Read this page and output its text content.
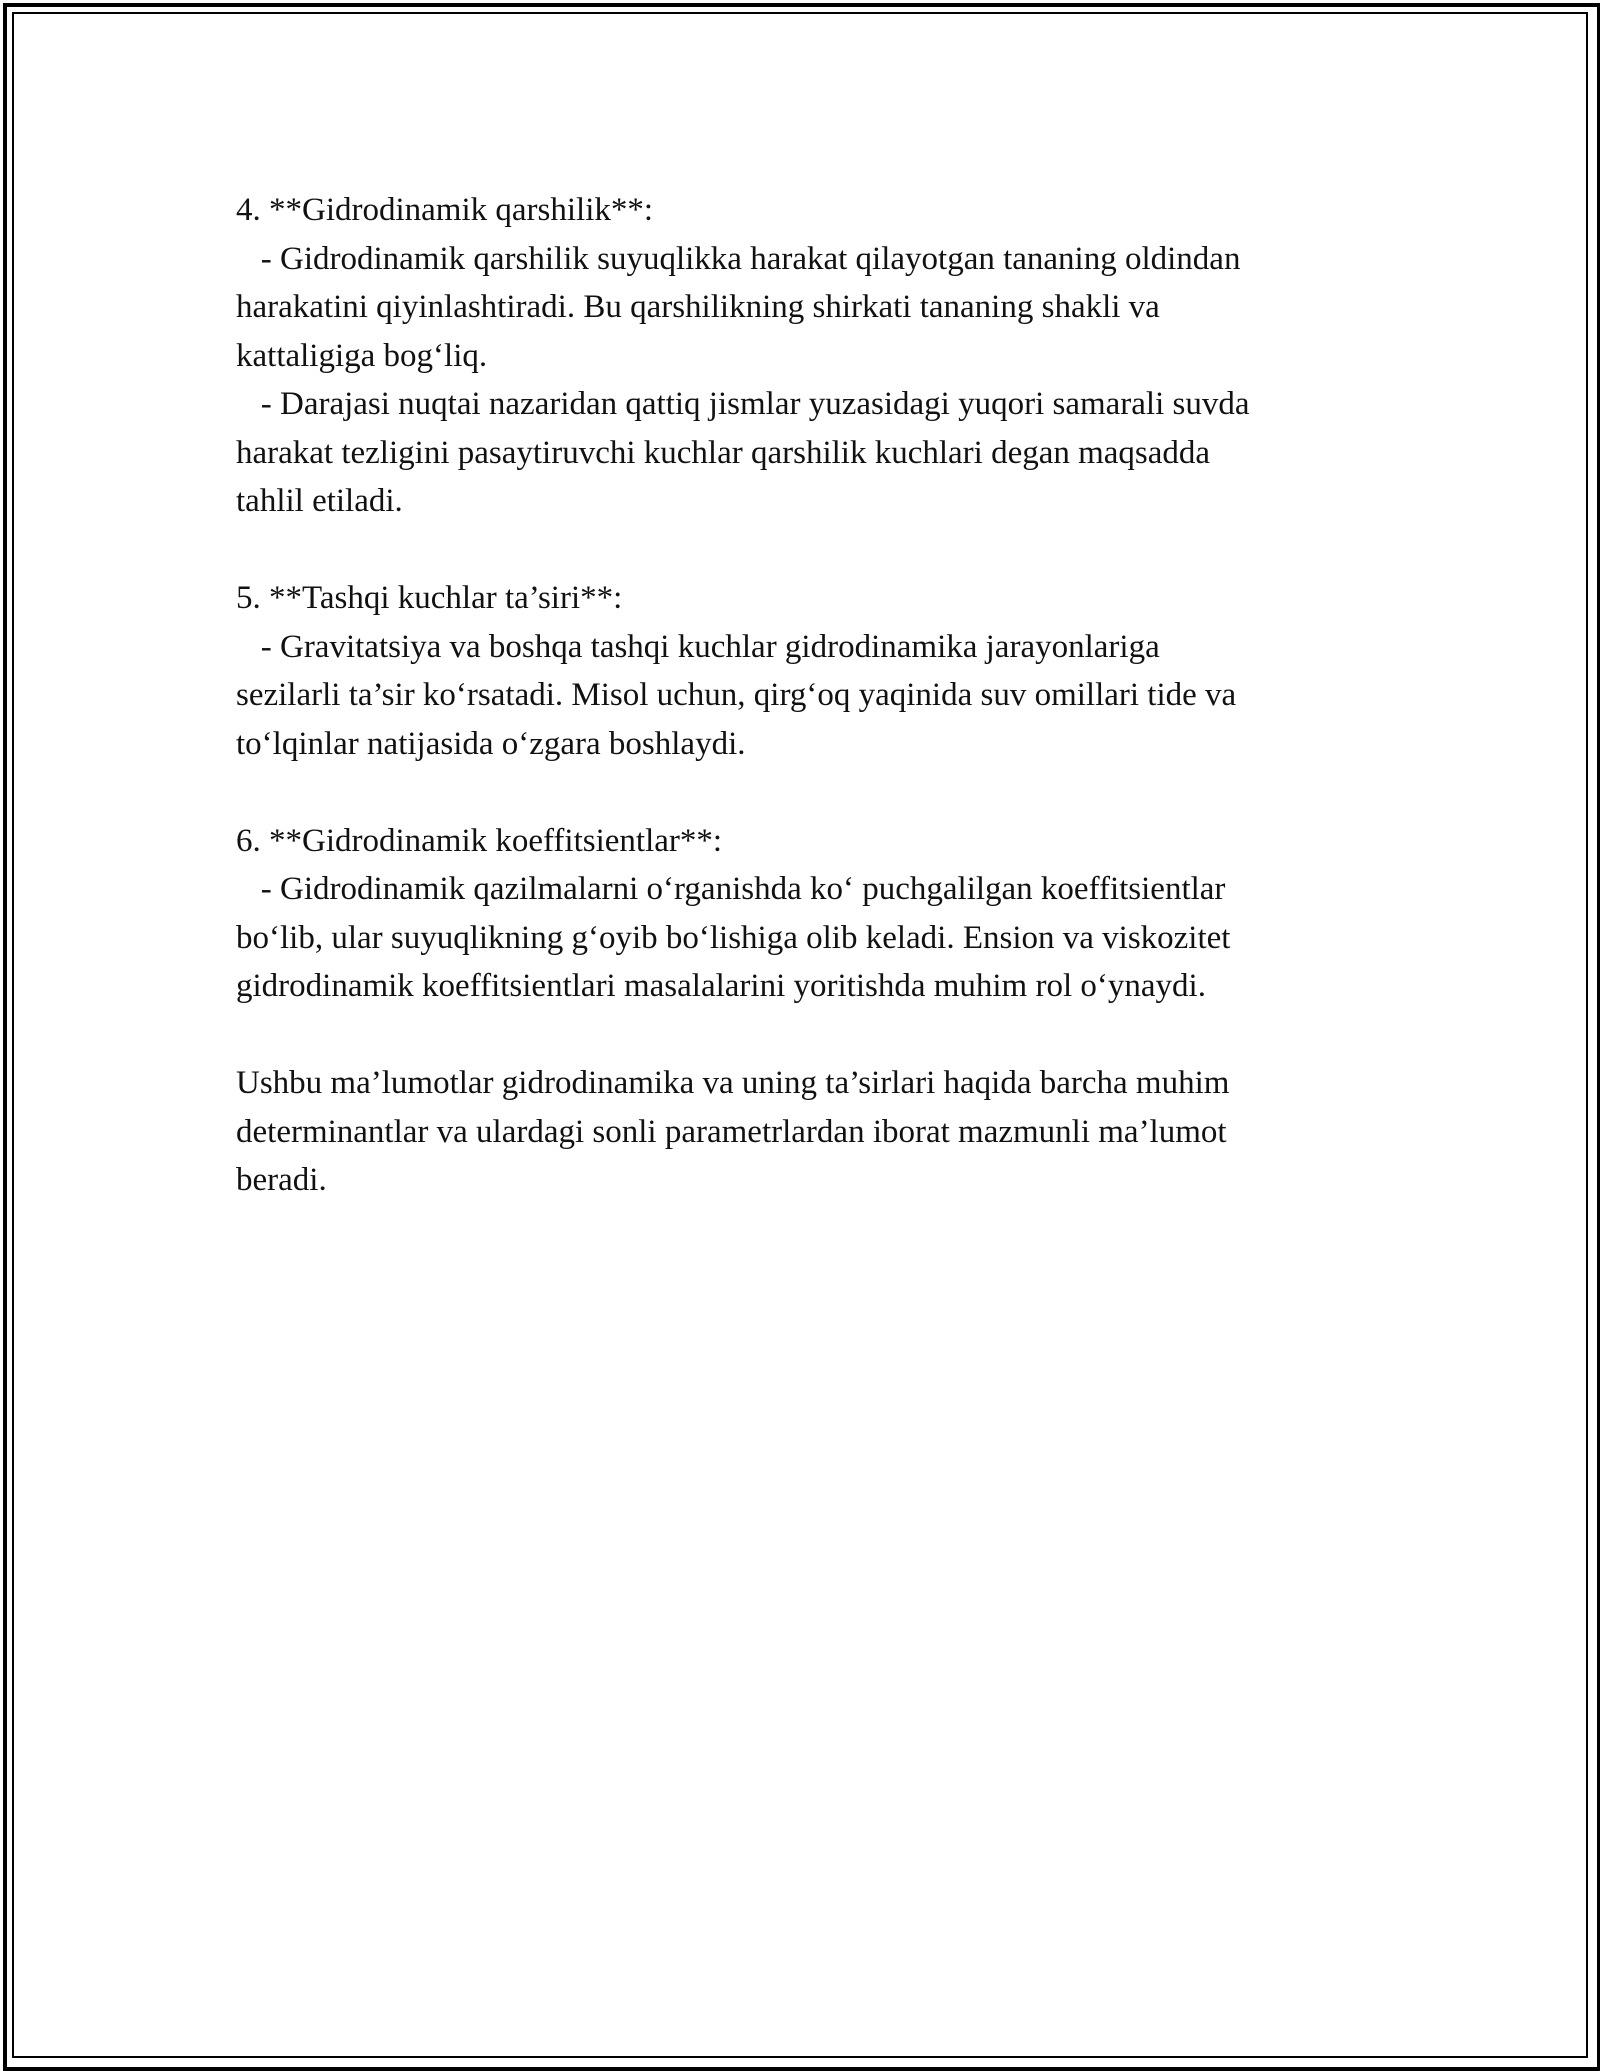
4. **Gidrodinamik qarshilik**:
- Gidrodinamik qarshilik suyuqlikka harakat qilayotgan tananing oldindan
harakatini qiyinlashtiradi. Bu qarshilikning shirkati tananing shakli va
kattaligiga bog‘liq.
- Darajasi nuqtai nazaridan qattiq jismlar yuzasidagi yuqori samarali suvda
harakat tezligini pasaytiruvchi kuchlar qarshilik kuchlari degan maqsadda
tahlil etiladi.
5. **Tashqi kuchlar ta’siri**:
- Gravitatsiya va boshqa tashqi kuchlar gidrodinamika jarayonlariga
sezilarli ta’sir ko‘rsatadi. Misol uchun, qirg‘oq yaqinida suv omillari tide va
to‘lqinlar natijasida o‘zgara boshlaydi.
6. **Gidrodinamik koeffitsientlar**:
- Gidrodinamik qazilmalarni o‘rganishda ko‘ puchgalilgan koeffitsientlar
bo‘lib, ular suyuqlikning g‘oyib bo‘lishiga olib keladi. Ension va viskozitet
gidrodinamik koeffitsientlari masalalarini yoritishda muhim rol o‘ynaydi.
Ushbu ma’lumotlar gidrodinamika va uning ta’sirlari haqida barcha muhim
determinantlar va ulardagi sonli parametrlardan iborat mazmunli ma’lumot
beradi.
